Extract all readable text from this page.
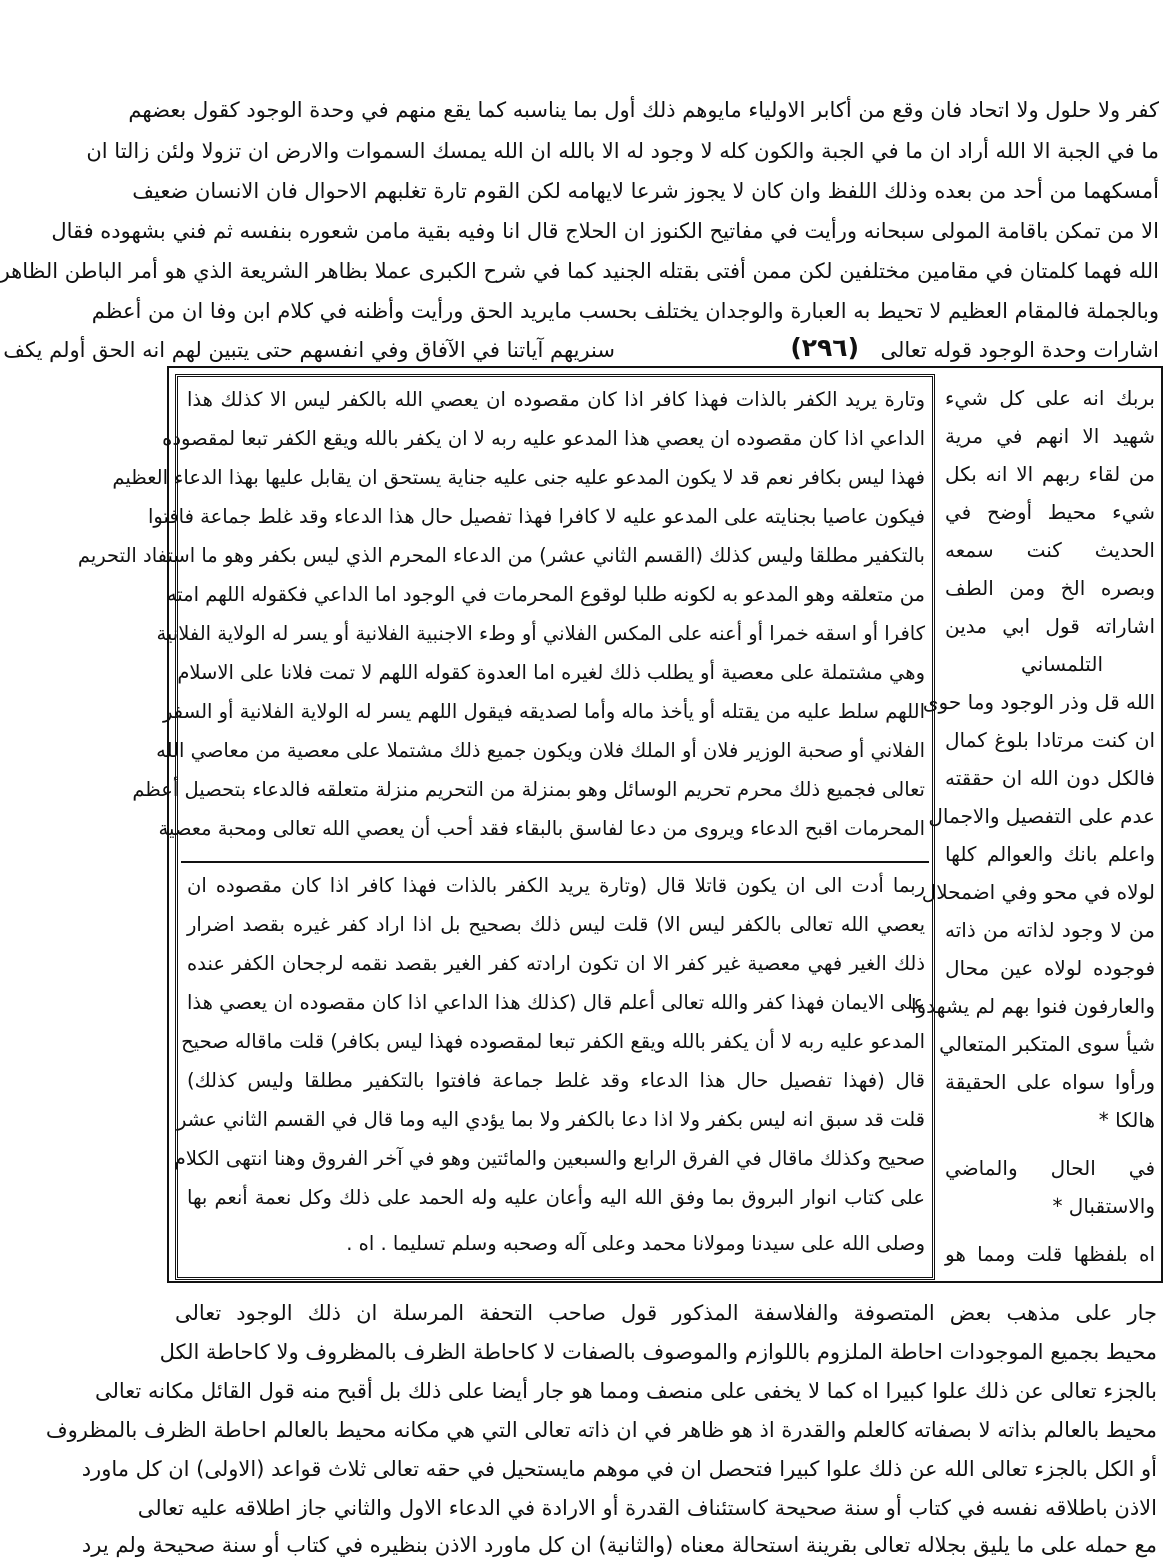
كفر ولا حلول ولا اتحاد فان وقع من أكابر الاولياء مايوهم ذلك أول بما يناسبه كما يقع منهم في وحدة الوجود كقول بعضهم
ما في الجبة الا الله أراد ان ما في الجبة والكون كله لا وجود له الا بالله ان الله يمسك السموات والارض ان تزولا ولئن زالتا ان
أمسكهما من أحد من بعده وذلك اللفظ وان كان لا يجوز شرعا لايهامه لكن القوم تارة تغلبهم الاحوال فان الانسان ضعيف
الا من تمكن باقامة المولى سبحانه ورأيت في مفاتيح الكنوز ان الحلاج قال انا وفيه بقية مامن شعوره بنفسه ثم فني بشهوده فقال
الله فهما كلمتان في مقامين مختلفين لكن ممن أفتى بقتله الجنيد كما في شرح الكبرى عملا بظاهر الشريعة الذي هو أمر الباطن الظاهر
وبالجملة فالمقام العظيم لا تحيط به العبارة والوجدان يختلف بحسب مايريد الحق ورأيت وأظنه في كلام ابن وفا ان من أعظم
اشارات وحدة الوجود قوله تعالى
(٢٩٦)
سنريهم آياتنا في الآفاق وفي انفسهم حتى يتبين لهم انه الحق أولم يكف
وتارة يريد الكفر بالذات فهذا كافر اذا كان مقصوده ان يعصي الله بالكفر ليس الا كذلك هذا
الداعي اذا كان مقصوده ان يعصي هذا المدعو عليه ربه لا ان يكفر بالله ويقع الكفر تبعا لمقصوده
فهذا ليس بكافر نعم قد لا يكون المدعو عليه جنى عليه جناية يستحق ان يقابل عليها بهذا الدعاء العظيم
فيكون عاصيا بجنايته على المدعو عليه لا كافرا فهذا تفصيل حال هذا الدعاء وقد غلط جماعة فافتوا
بالتكفير مطلقا وليس كذلك (القسم الثاني عشر) من الدعاء المحرم الذي ليس بكفر وهو ما استفاد التحريم
من متعلقه وهو المدعو به لكونه طلبا لوقوع المحرمات في الوجود اما الداعي فكقوله اللهم امته
كافرا أو اسقه خمرا أو أعنه على المكس الفلاني أو وطء الاجنبية الفلانية أو يسر له الولاية الفلانية
وهي مشتملة على معصية أو يطلب ذلك لغيره اما العدوة كقوله اللهم لا تمت فلانا على الاسلام
اللهم سلط عليه من يقتله أو يأخذ ماله وأما لصديقه فيقول اللهم يسر له الولاية الفلانية أو السفر
الفلاني أو صحبة الوزير فلان أو الملك فلان ويكون جميع ذلك مشتملا على معصية من معاصي الله
تعالى فجميع ذلك محرم تحريم الوسائل وهو بمنزلة من التحريم منزلة متعلقه فالدعاء بتحصيل أعظم
المحرمات اقبح الدعاء ويروى من دعا لفاسق بالبقاء فقد أحب أن يعصي الله تعالى ومحبة معصية
ربما أدت الى ان يكون قاتلا قال (وتارة يريد الكفر بالذات فهذا كافر اذا كان مقصوده ان
يعصي الله تعالى بالكفر ليس الا) قلت ليس ذلك بصحيح بل اذا اراد كفر غيره بقصد اضرار
ذلك الغير فهي معصية غير كفر الا ان تكون ارادته كفر الغير بقصد نقمه لرجحان الكفر عنده
على الايمان فهذا كفر والله تعالى أعلم قال (كذلك هذا الداعي اذا كان مقصوده ان يعصي هذا
المدعو عليه ربه لا أن يكفر بالله ويقع الكفر تبعا لمقصوده فهذا ليس بكافر) قلت ماقاله صحيح
قال (فهذا تفصيل حال هذا الدعاء وقد غلط جماعة فافتوا بالتكفير مطلقا وليس كذلك)
قلت قد سبق انه ليس بكفر ولا اذا دعا بالكفر ولا بما يؤدي اليه وما قال في القسم الثاني عشر
صحيح وكذلك ماقال في الفرق الرابع والسبعين والمائتين وهو في آخر الفروق وهنا انتهى الكلام
على كتاب انوار البروق بما وفق الله اليه وأعان عليه وله الحمد على ذلك وكل نعمة أنعم بها
وصلى الله على سيدنا ومولانا محمد وعلى آله وصحبه وسلم تسليما . اه .
بربك انه على كل شيء
شهيد الا انهم في مرية
من لقاء ربهم الا انه بكل
شيء محيط أوضح في
الحديث كنت سمعه
وبصره الخ ومن الطف
اشاراته قول ابي مدين
التلمساني
الله قل وذر الوجود وما حوى
ان كنت مرتادا بلوغ كمال
فالكل دون الله ان حققته
عدم على التفصيل والاجمال
واعلم بانك والعوالم كلها
لولاه في محو وفي اضمحلال
من لا وجود لذاته من ذاته
فوجوده لولاه عين محال
والعارفون فنوا بهم لم يشهدوا
شيأ سوى المتكبر المتعالي
ورأوا سواه على الحقيقة
هالكا *
في الحال والماضي
والاستقبال *
اه بلفظها قلت ومما هو
جار على مذهب بعض المتصوفة والفلاسفة المذكور قول صاحب التحفة المرسلة ان ذلك الوجود تعالى
محيط بجميع الموجودات احاطة الملزوم باللوازم والموصوف بالصفات لا كاحاطة الظرف بالمظروف ولا كاحاطة الكل
بالجزء تعالى عن ذلك علوا كبيرا اه كما لا يخفى على منصف ومما هو جار أيضا على ذلك بل أقبح منه قول القائل مكانه تعالى
محيط بالعالم بذاته لا بصفاته كالعلم والقدرة اذ هو ظاهر في ان ذاته تعالى التي هي مكانه محيط بالعالم احاطة الظرف بالمظروف
أو الكل بالجزء تعالى الله عن ذلك علوا كبيرا فتحصل ان في موهم مايستحيل في حقه تعالى ثلاث قواعد (الاولى) ان كل ماورد
الاذن باطلاقه نفسه في كتاب أو سنة صحيحة كاستئناف القدرة أو الارادة في الدعاء الاول والثاني جاز اطلاقه عليه تعالى
مع حمله على ما يليق بجلاله تعالى بقرينة استحالة معناه (والثانية) ان كل ماورد الاذن بنظيره في كتاب أو سنة صحيحة ولم يرد
